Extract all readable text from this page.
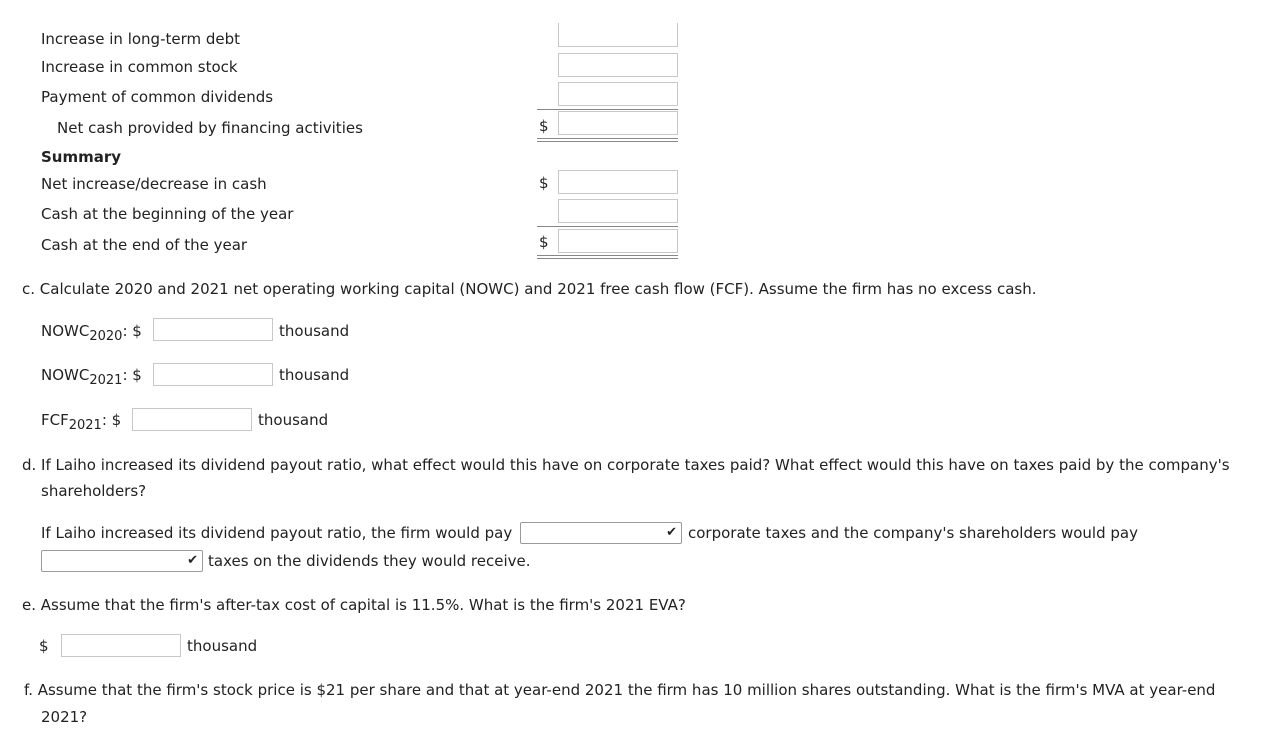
Increase in long-term debt
Increase in common stock
Payment of common dividends
Net cash provided by financing activities	$
Summary
Net increase/decrease in cash	$
Cash at the beginning of the year
Cash at the end of the year	$
c. Calculate 2020 and 2021 net operating working capital (NOWC) and 2021 free cash flow (FCF). Assume the firm has no excess cash.
$NOWC_{2020}$: $	thousand
$NOWC_{2021}$: $	thousand
$FCF_{2021}$: $	thousand
d. If Laiho increased its dividend payout ratio, what effect would this have on corporate taxes paid? What effect would this have on taxes paid by the company's
shareholders?
If Laiho increased its dividend payout ratio, the firm would pay	✔ corporate taxes and the company's shareholders would pay
✔ taxes on the dividends they would receive.
e. Assume that the firm's after-tax cost of capital is 11.5%. What is the firm's 2021 EVA?
$	thousand
f. Assume that the firm's stock price is $21 per share and that at year-end 2021 the firm has 10 million shares outstanding. What is the firm's MVA at year-end
2021?
